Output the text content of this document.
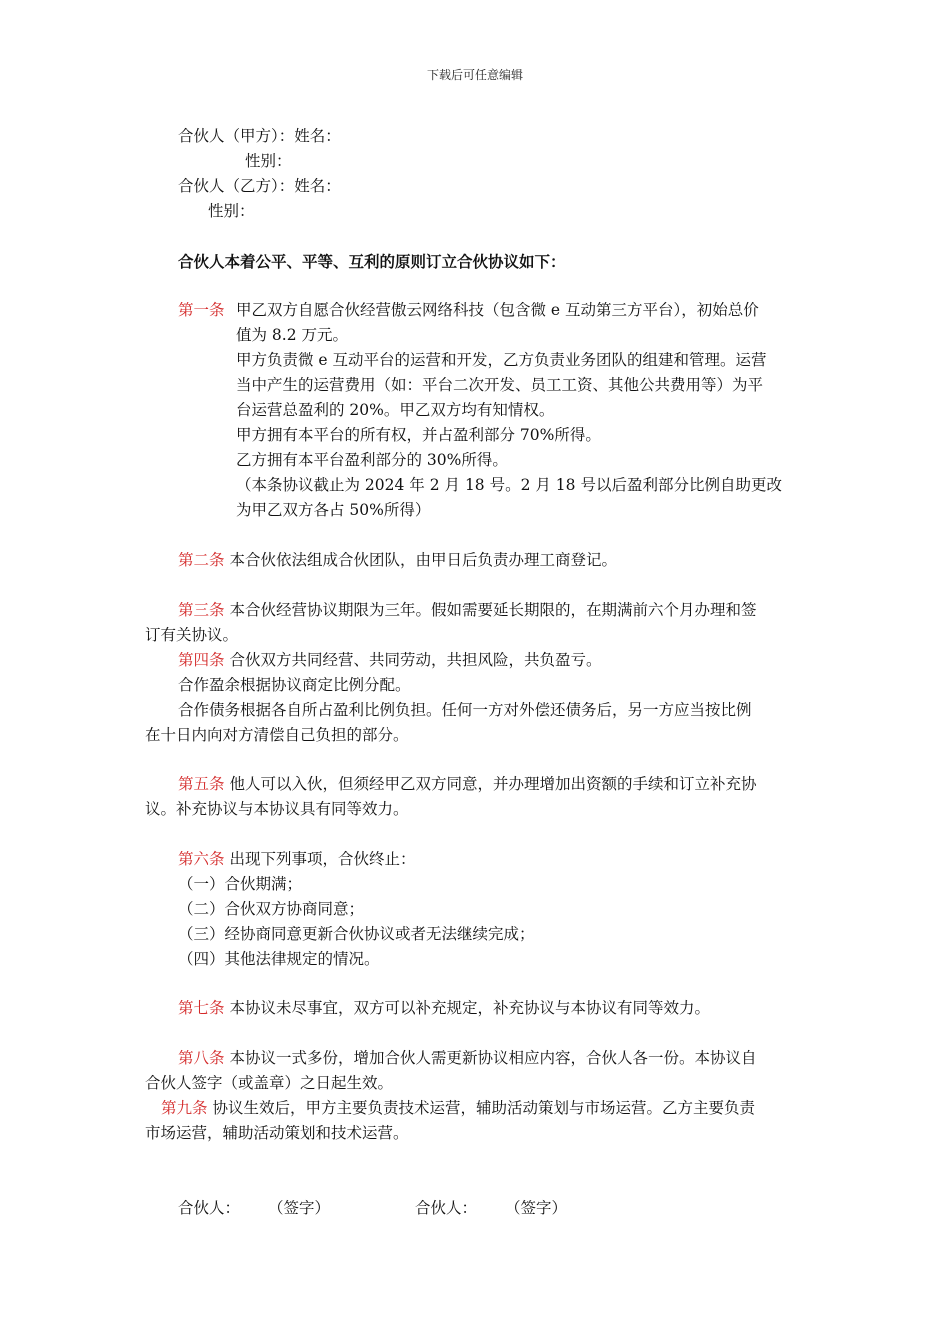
下载后可任意编辑
合伙人（甲方）：姓名：
性别：
合伙人（乙方）：姓名：
性别：
合伙人本着公平、平等、互利的原则订立合伙协议如下：
第一条 甲乙双方自愿合伙经营傲云网络科技（包含微 e 互动第三方平台），初始总价
值为 8.2 万元。
甲方负责微 e 互动平台的运营和开发，乙方负责业务团队的组建和管理。运营
当中产生的运营费用（如：平台二次开发、员工工资、其他公共费用等）为平
台运营总盈利的 20%。甲乙双方均有知情权。
甲方拥有本平台的所有权，并占盈利部分 70%所得。
乙方拥有本平台盈利部分的 30%所得。
（本条协议截止为 2024 年 2 月 18 号。2 月 18 号以后盈利部分比例自助更改
为甲乙双方各占 50%所得）
第二条 本合伙依法组成合伙团队，由甲日后负责办理工商登记。
第三条 本合伙经营协议期限为三年。假如需要延长期限的，在期满前六个月办理和签
订有关协议。
第四条 合伙双方共同经营、共同劳动，共担风险，共负盈亏。
合作盈余根据协议商定比例分配。
合作债务根据各自所占盈利比例负担。任何一方对外偿还债务后，另一方应当按比例
在十日内向对方清偿自己负担的部分。
第五条 他人可以入伙，但须经甲乙双方同意，并办理增加出资额的手续和订立补充协
议。补充协议与本协议具有同等效力。
第六条 出现下列事项，合伙终止：
（一）合伙期满；
（二）合伙双方协商同意；
（三）经协商同意更新合伙协议或者无法继续完成；
（四）其他法律规定的情况。
第七条 本协议未尽事宜，双方可以补充规定，补充协议与本协议有同等效力。
第八条 本协议一式多份，增加合伙人需更新协议相应内容，合伙人各一份。本协议自
合伙人签字（或盖章）之日起生效。
第九条 协议生效后，甲方主要负责技术运营，辅助活动策划与市场运营。乙方主要负责
市场运营，辅助活动策划和技术运营。
合伙人： （签字）	合伙人： （签字）
